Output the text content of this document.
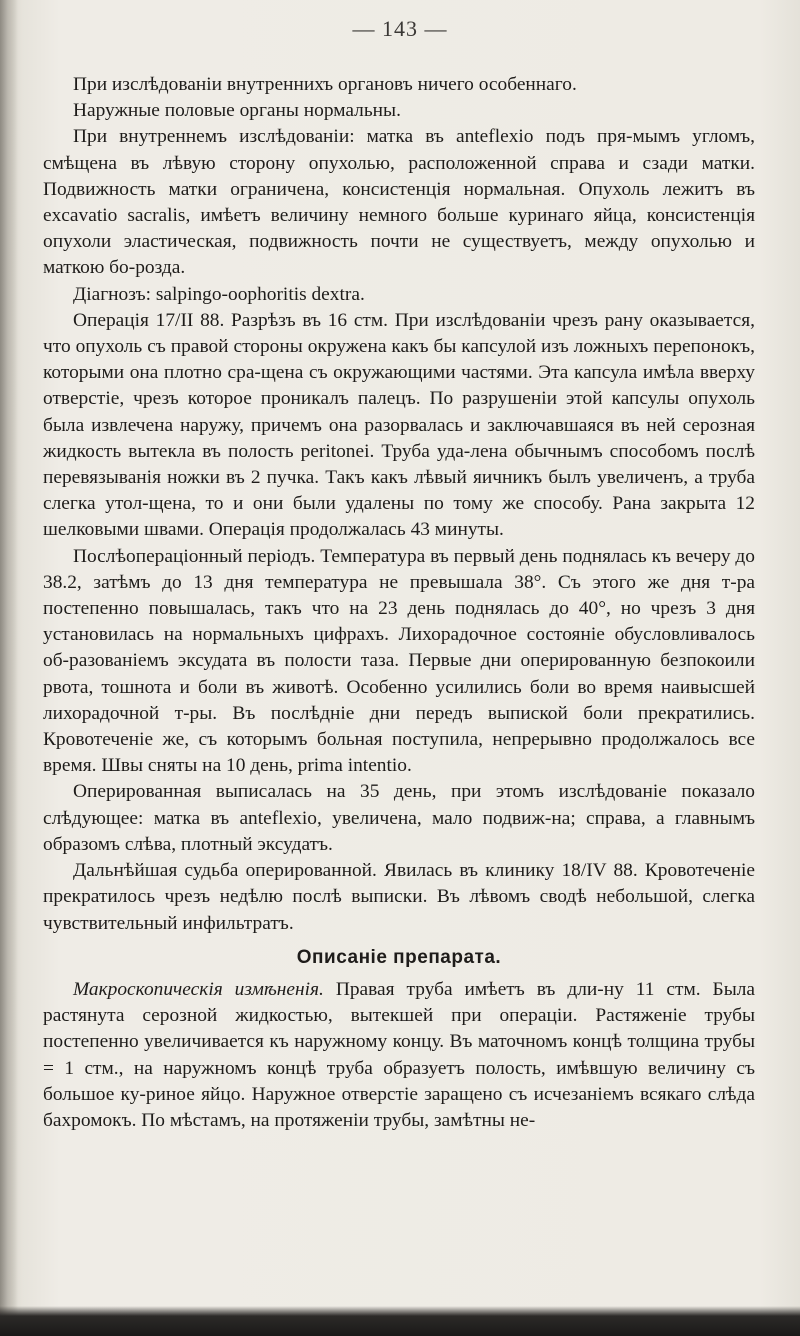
— 143 —

При изслѣдованіи внутреннихъ органовъ ничего особеннаго.

Наружные половые органы нормальны.

При внутреннемъ изслѣдованіи: матка въ anteflexio подъ пря-мымъ угломъ, смѣщена въ лѣвую сторону опухолью, расположенной справа и сзади матки. Подвижность матки ограничена, консистенція нормальная. Опухоль лежитъ въ excavatio sacralis, имѣетъ величину немного больше куринаго яйца, консистенція опухоли эластическая, подвижность почти не существуетъ, между опухолью и маткою бо-розда.

Діагнозъ: salpingo-oophoritis dextra.

Операція 17/II 88. Разрѣзъ въ 16 стм. При изслѣдованіи чрезъ рану оказывается, что опухоль съ правой стороны окружена какъ бы капсулой изъ ложныхъ перепонокъ, которыми она плотно сра-щена съ окружающими частями. Эта капсула имѣла вверху отверстіе, чрезъ которое проникалъ палецъ. По разрушеніи этой капсулы опухоль была извлечена наружу, причемъ она разорвалась и заключавшаяся въ ней серозная жидкость вытекла въ полость peritonei. Труба уда-лена обычнымъ способомъ послѣ перевязыванія ножки въ 2 пучка. Такъ какъ лѣвый яичникъ былъ увеличенъ, а труба слегка утол-щена, то и они были удалены по тому же способу. Рана закрыта 12 шелковыми швами. Операція продолжалась 43 минуты.

Послѣоперaціонный періодъ. Температура въ первый день поднялась къ вечеру до 38.2, затѣмъ до 13 дня температура не превышала 38°. Съ этого же дня т-ра постепенно повышалась, такъ что на 23 день поднялась до 40°, но чрезъ 3 дня установилась на нормальныхъ цифрахъ. Лихорадочное состояніе обусловливалось об-разованіемъ эксудата въ полости таза. Первые дни оперированную безпокоили рвота, тошнота и боли въ животѣ. Особенно усилились боли во время наивысшей лихорадочной т-ры. Въ послѣдніе дни передъ выпиской боли прекратились. Кровотеченіе же, съ которымъ больная поступила, непрерывно продолжалось все время. Швы сняты на 10 день, prima intentio.

Оперированная выписалась на 35 день, при этомъ изслѣдованіе показало слѣдующее: матка въ anteflexio, увеличена, мало подвиж-на; справа, а главнымъ образомъ слѣва, плотный эксудатъ.

Дальнѣйшая судьба оперированной. Явилась въ клинику 18/IV 88. Кровотеченіе прекратилось чрезъ недѣлю послѣ выписки. Въ лѣвомъ сводѣ небольшой, слегка чувствительный инфильтратъ.

Описаніе препарата.

Макроскопическія измѣненія. Правая труба имѣетъ въ дли-ну 11 стм. Была растянута серозной жидкостью, вытекшей при операціи. Растяженіе трубы постепенно увеличивается къ наружному концу. Въ маточномъ концѣ толщина трубы = 1 стм., на наружномъ концѣ труба образуетъ полость, имѣвшую величину съ большое ку-риное яйцо. Наружное отверстіе заращено съ исчезаніемъ всякаго слѣда бахромокъ. По мѣстамъ, на протяженіи трубы, замѣтны не-
